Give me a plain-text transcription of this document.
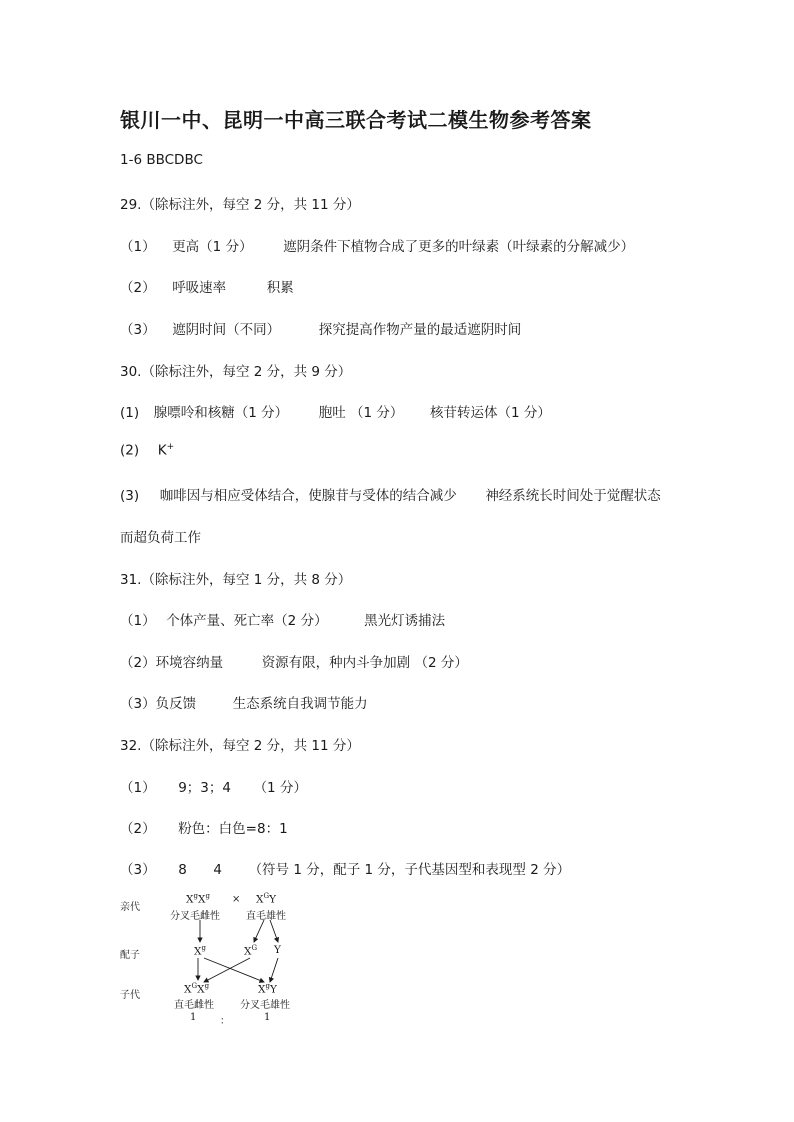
银川一中、昆明一中高三联合考试二模生物参考答案
1-6 BBCDBC
29.（除标注外，每空 2 分，共 11 分）
（1） 更高（1 分） 遮阴条件下植物合成了更多的叶绿素（叶绿素的分解减少）
（2） 呼吸速率	积累
（3） 遮阴时间（不同）	探究提高作物产量的最适遮阴时间
30.（除标注外，每空 2 分，共 9 分）
(1) 腺嘌呤和核糖（1 分） 胞吐 （1 分） 核苷转运体（1 分）
(2) K+
(3) 咖啡因与相应受体结合，使腺苷与受体的结合减少 神经系统长时间处于觉醒状态
而超负荷工作
31.（除标注外，每空 1 分，共 8 分）
（1） 个体产量、死亡率（2 分）	黑光灯诱捕法
（2）环境容纳量	资源有限，种内斗争加剧 （2 分）
（3）负反馈	生态系统自我调节能力
32.（除标注外，每空 2 分，共 11 分）
（1） 9；3；4 （1 分）
（2） 粉色：白色=8：1
（3） 8 4 （符号 1 分，配子 1 分，子代基因型和表现型 2 分）
亲代
配子
子代
$X^gX^g$
分叉毛雌性
× $X^GY$
直毛雄性
$X^g$	$X^G$ Y
$X^GX^g$
直毛雌性
$X^gY$
分叉毛雄性
1 ：	1
